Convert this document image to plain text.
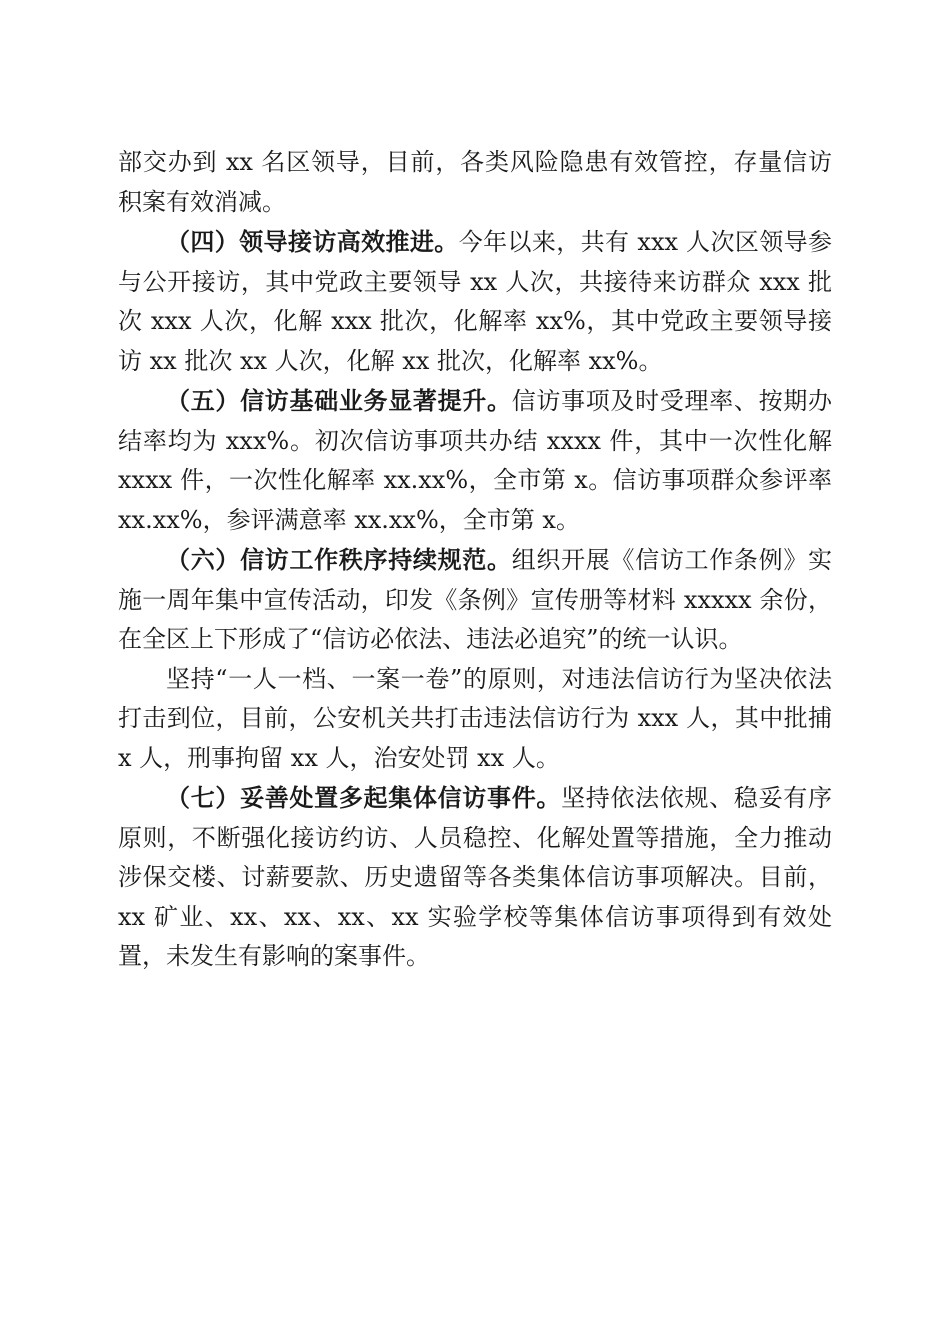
部交办到 xx 名区领导，目前，各类风险隐患有效管控，存量信访积案有效消减。

（四）领导接访高效推进。今年以来，共有 xxx 人次区领导参与公开接访，其中党政主要领导 xx 人次，共接待来访群众 xxx 批次 xxx 人次，化解 xxx 批次，化解率 xx%，其中党政主要领导接访 xx 批次 xx 人次，化解 xx 批次，化解率 xx%。

（五）信访基础业务显著提升。信访事项及时受理率、按期办结率均为 xxx%。初次信访事项共办结 xxxx 件，其中一次性化解 xxxx 件，一次性化解率 xx.xx%，全市第 x。信访事项群众参评率 xx.xx%，参评满意率 xx.xx%，全市第 x。

（六）信访工作秩序持续规范。组织开展《信访工作条例》实施一周年集中宣传活动，印发《条例》宣传册等材料 xxxxx 余份，在全区上下形成了“信访必依法、违法必追究”的统一认识。

坚持“一人一档、一案一卷”的原则，对违法信访行为坚决依法打击到位，目前，公安机关共打击违法信访行为 xxx 人，其中批捕 x 人，刑事拘留 xx 人，治安处罚 xx 人。

（七）妥善处置多起集体信访事件。坚持依法依规、稳妥有序原则，不断强化接访约访、人员稳控、化解处置等措施，全力推动涉保交楼、讨薪要款、历史遗留等各类集体信访事项解决。目前，xx 矿业、xx、xx、xx、xx 实验学校等集体信访事项得到有效处置，未发生有影响的案事件。
